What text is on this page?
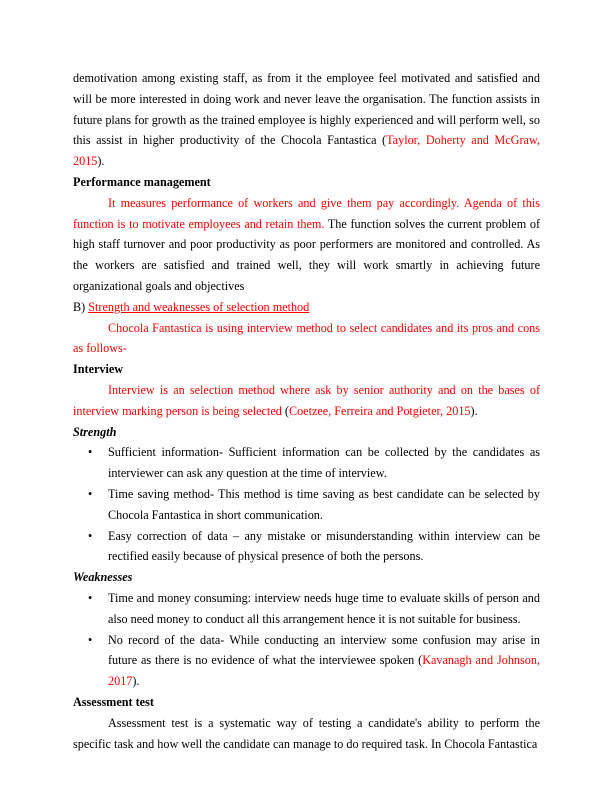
demotivation among existing staff, as from it the employee feel motivated and satisfied and will be more interested in doing work and never leave the organisation. The function assists in future plans for growth as the trained employee is highly experienced and will perform well, so this assist in higher productivity of the Chocola Fantastica (Taylor, Doherty and McGraw, 2015).

Performance management

It measures performance of workers and give them pay accordingly. Agenda of this function is to motivate employees and retain them. The function solves the current problem of high staff turnover and poor productivity as poor performers are monitored and controlled. As the workers are satisfied and trained well, they will work smartly in achieving future organizational goals and objectives

B) Strength and weaknesses of selection method

Chocola Fantastica is using interview method to select candidates and its pros and cons as follows-

Interview

Interview is an selection method where ask by senior authority and on the bases of interview marking person is being selected (Coetzee, Ferreira and Potgieter, 2015).

Strength

• Sufficient information- Sufficient information can be collected by the candidates as interviewer can ask any question at the time of interview.
• Time saving method- This method is time saving as best candidate can be selected by Chocola Fantastica in short communication.
• Easy correction of data – any mistake or misunderstanding within interview can be rectified easily because of physical presence of both the persons.

Weaknesses

• Time and money consuming: interview needs huge time to evaluate skills of person and also need money to conduct all this arrangement hence it is not suitable for business.
• No record of the data- While conducting an interview some confusion may arise in future as there is no evidence of what the interviewee spoken (Kavanagh and Johnson, 2017).

Assessment test

Assessment test is a systematic way of testing a candidate's ability to perform the specific task and how well the candidate can manage to do required task. In Chocola Fantastica
